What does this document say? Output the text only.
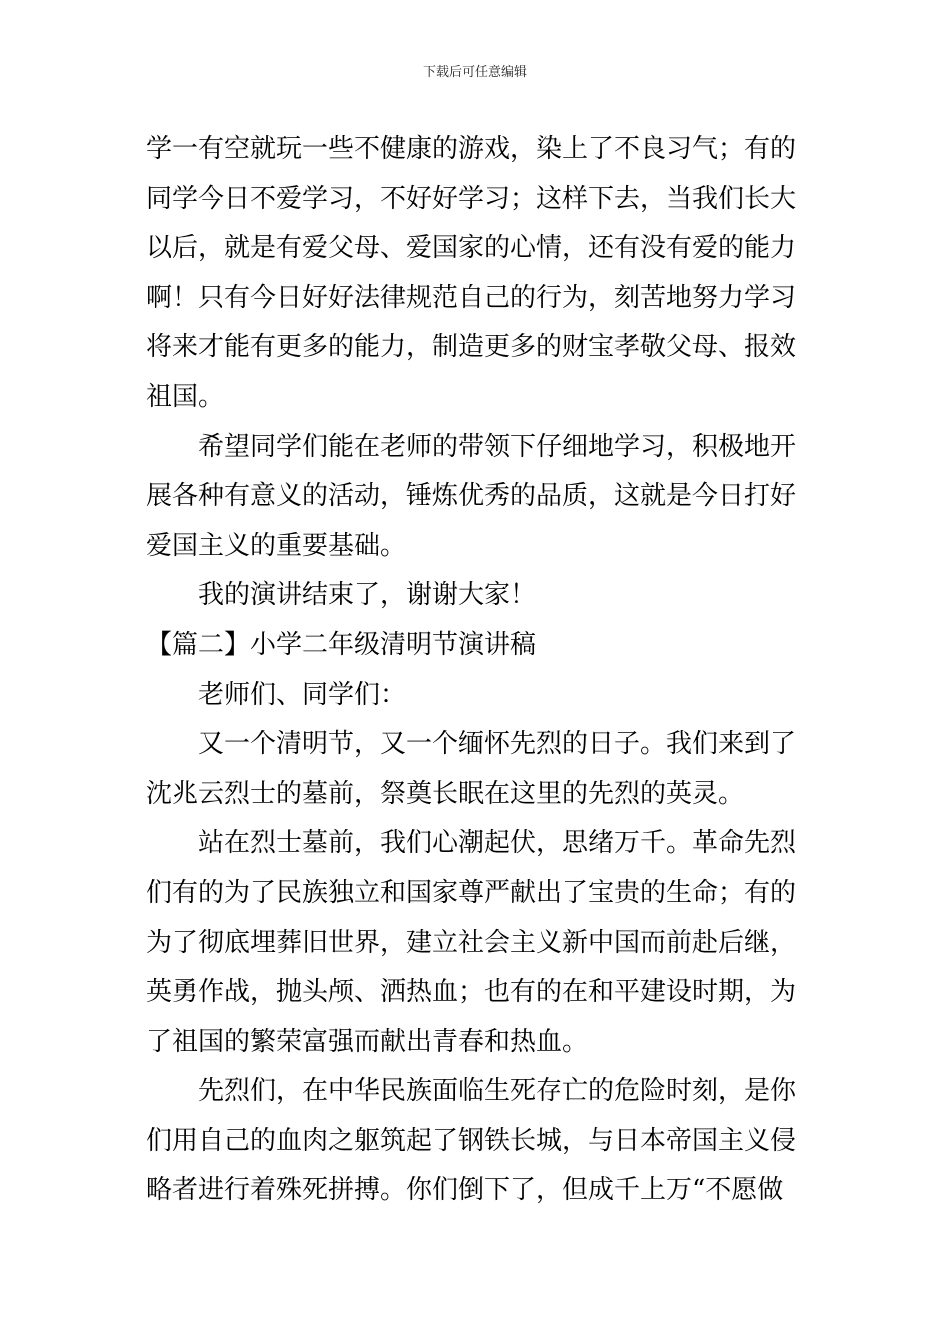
下载后可任意编辑
学一有空就玩一些不健康的游戏，染上了不良习气；有的
同学今日不爱学习，不好好学习；这样下去，当我们长大
以后，就是有爱父母、爱国家的心情，还有没有爱的能力
啊！只有今日好好法律规范自己的行为，刻苦地努力学习
将来才能有更多的能力，制造更多的财宝孝敬父母、报效
祖国。
希望同学们能在老师的带领下仔细地学习，积极地开
展各种有意义的活动，锤炼优秀的品质，这就是今日打好
爱国主义的重要基础。
我的演讲结束了，谢谢大家！
【篇二】小学二年级清明节演讲稿
老师们、同学们：
又一个清明节，又一个缅怀先烈的日子。我们来到了
沈兆云烈士的墓前，祭奠长眠在这里的先烈的英灵。
站在烈士墓前，我们心潮起伏，思绪万千。革命先烈
们有的为了民族独立和国家尊严献出了宝贵的生命；有的
为了彻底埋葬旧世界，建立社会主义新中国而前赴后继，
英勇作战，抛头颅、洒热血；也有的在和平建设时期，为
了祖国的繁荣富强而献出青春和热血。
先烈们，在中华民族面临生死存亡的危险时刻，是你
们用自己的血肉之躯筑起了钢铁长城，与日本帝国主义侵
略者进行着殊死拼搏。你们倒下了，但成千上万“不愿做
